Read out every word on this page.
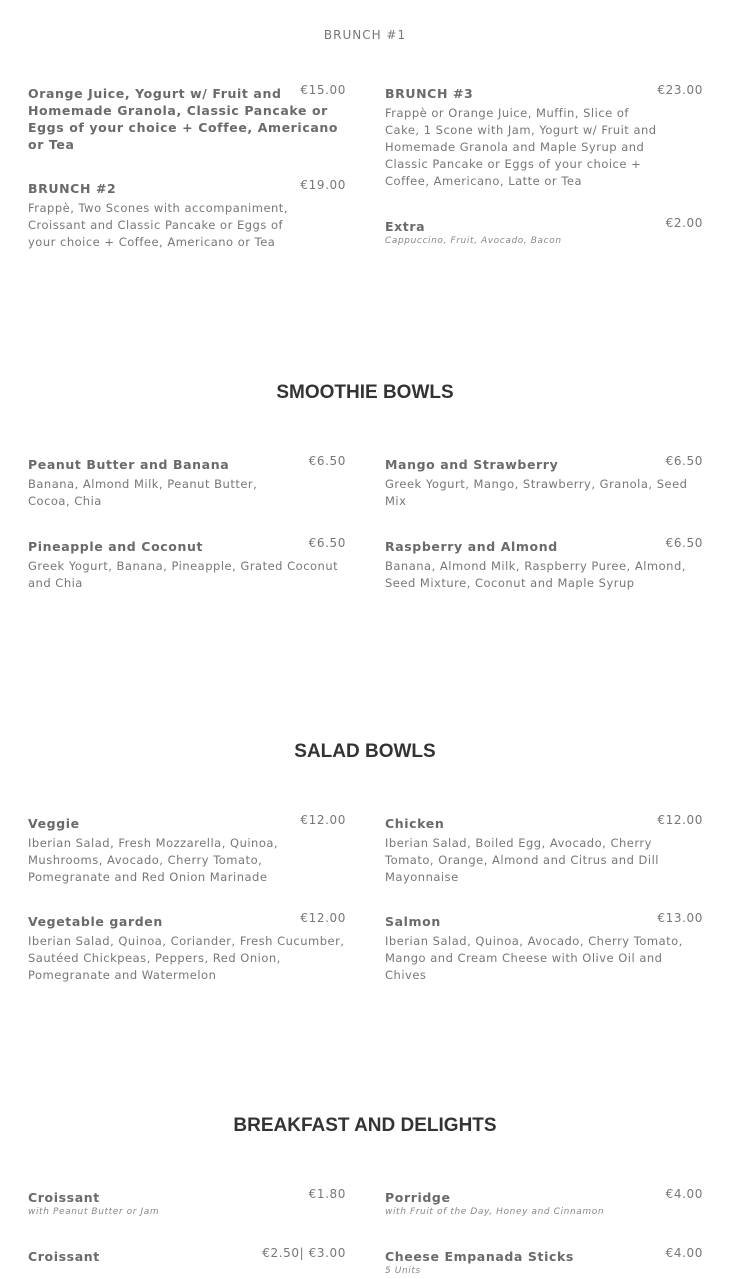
BRUNCH #1
Orange Juice, Yogurt w/ Fruit and Homemade Granola, Classic Pancake or Eggs of your choice + Coffee, Americano or Tea
€15.00	BRUNCH #3	€23.00
Frappè or Orange Juice, Muffin, Slice of Cake, 1 Scone with Jam, Yogurt w/ Fruit and Homemade Granola and Maple Syrup and Classic Pancake or Eggs of your choice + Coffee, Americano, Latte or Tea
BRUNCH #2	€19.00
Frappè, Two Scones with accompaniment, Croissant and Classic Pancake or Eggs of your choice + Coffee, Americano or Tea
Extra	€2.00
Cappuccino, Fruit, Avocado, Bacon
SMOOTHIE BOWLS
Peanut Butter and Banana	€6.50
Banana, Almond Milk, Peanut Butter, Cocoa, Chia
Mango and Strawberry	€6.50
Greek Yogurt, Mango, Strawberry, Granola, Seed Mix
Pineapple and Coconut	€6.50
Greek Yogurt, Banana, Pineapple, Grated Coconut and Chia
Raspberry and Almond	€6.50
Banana, Almond Milk, Raspberry Puree, Almond, Seed Mixture, Coconut and Maple Syrup
SALAD BOWLS
Veggie	€12.00
Iberian Salad, Fresh Mozzarella, Quinoa, Mushrooms, Avocado, Cherry Tomato, Pomegranate and Red Onion Marinade
Chicken	€12.00
Iberian Salad, Boiled Egg, Avocado, Cherry Tomato, Orange, Almond and Citrus and Dill Mayonnaise
Vegetable garden	€12.00
Iberian Salad, Quinoa, Coriander, Fresh Cucumber, Sautéed Chickpeas, Peppers, Red Onion, Pomegranate and Watermelon
Salmon	€13.00
Iberian Salad, Quinoa, Avocado, Cherry Tomato, Mango and Cream Cheese with Olive Oil and Chives
BREAKFAST AND DELIGHTS
Croissant	€1.80
with Peanut Butter or Jam
Porridge	€4.00
with Fruit of the Day, Honey and Cinnamon
Croissant	€2.50| €3.00	Cheese Empanada Sticks	€4.00
5 Units
